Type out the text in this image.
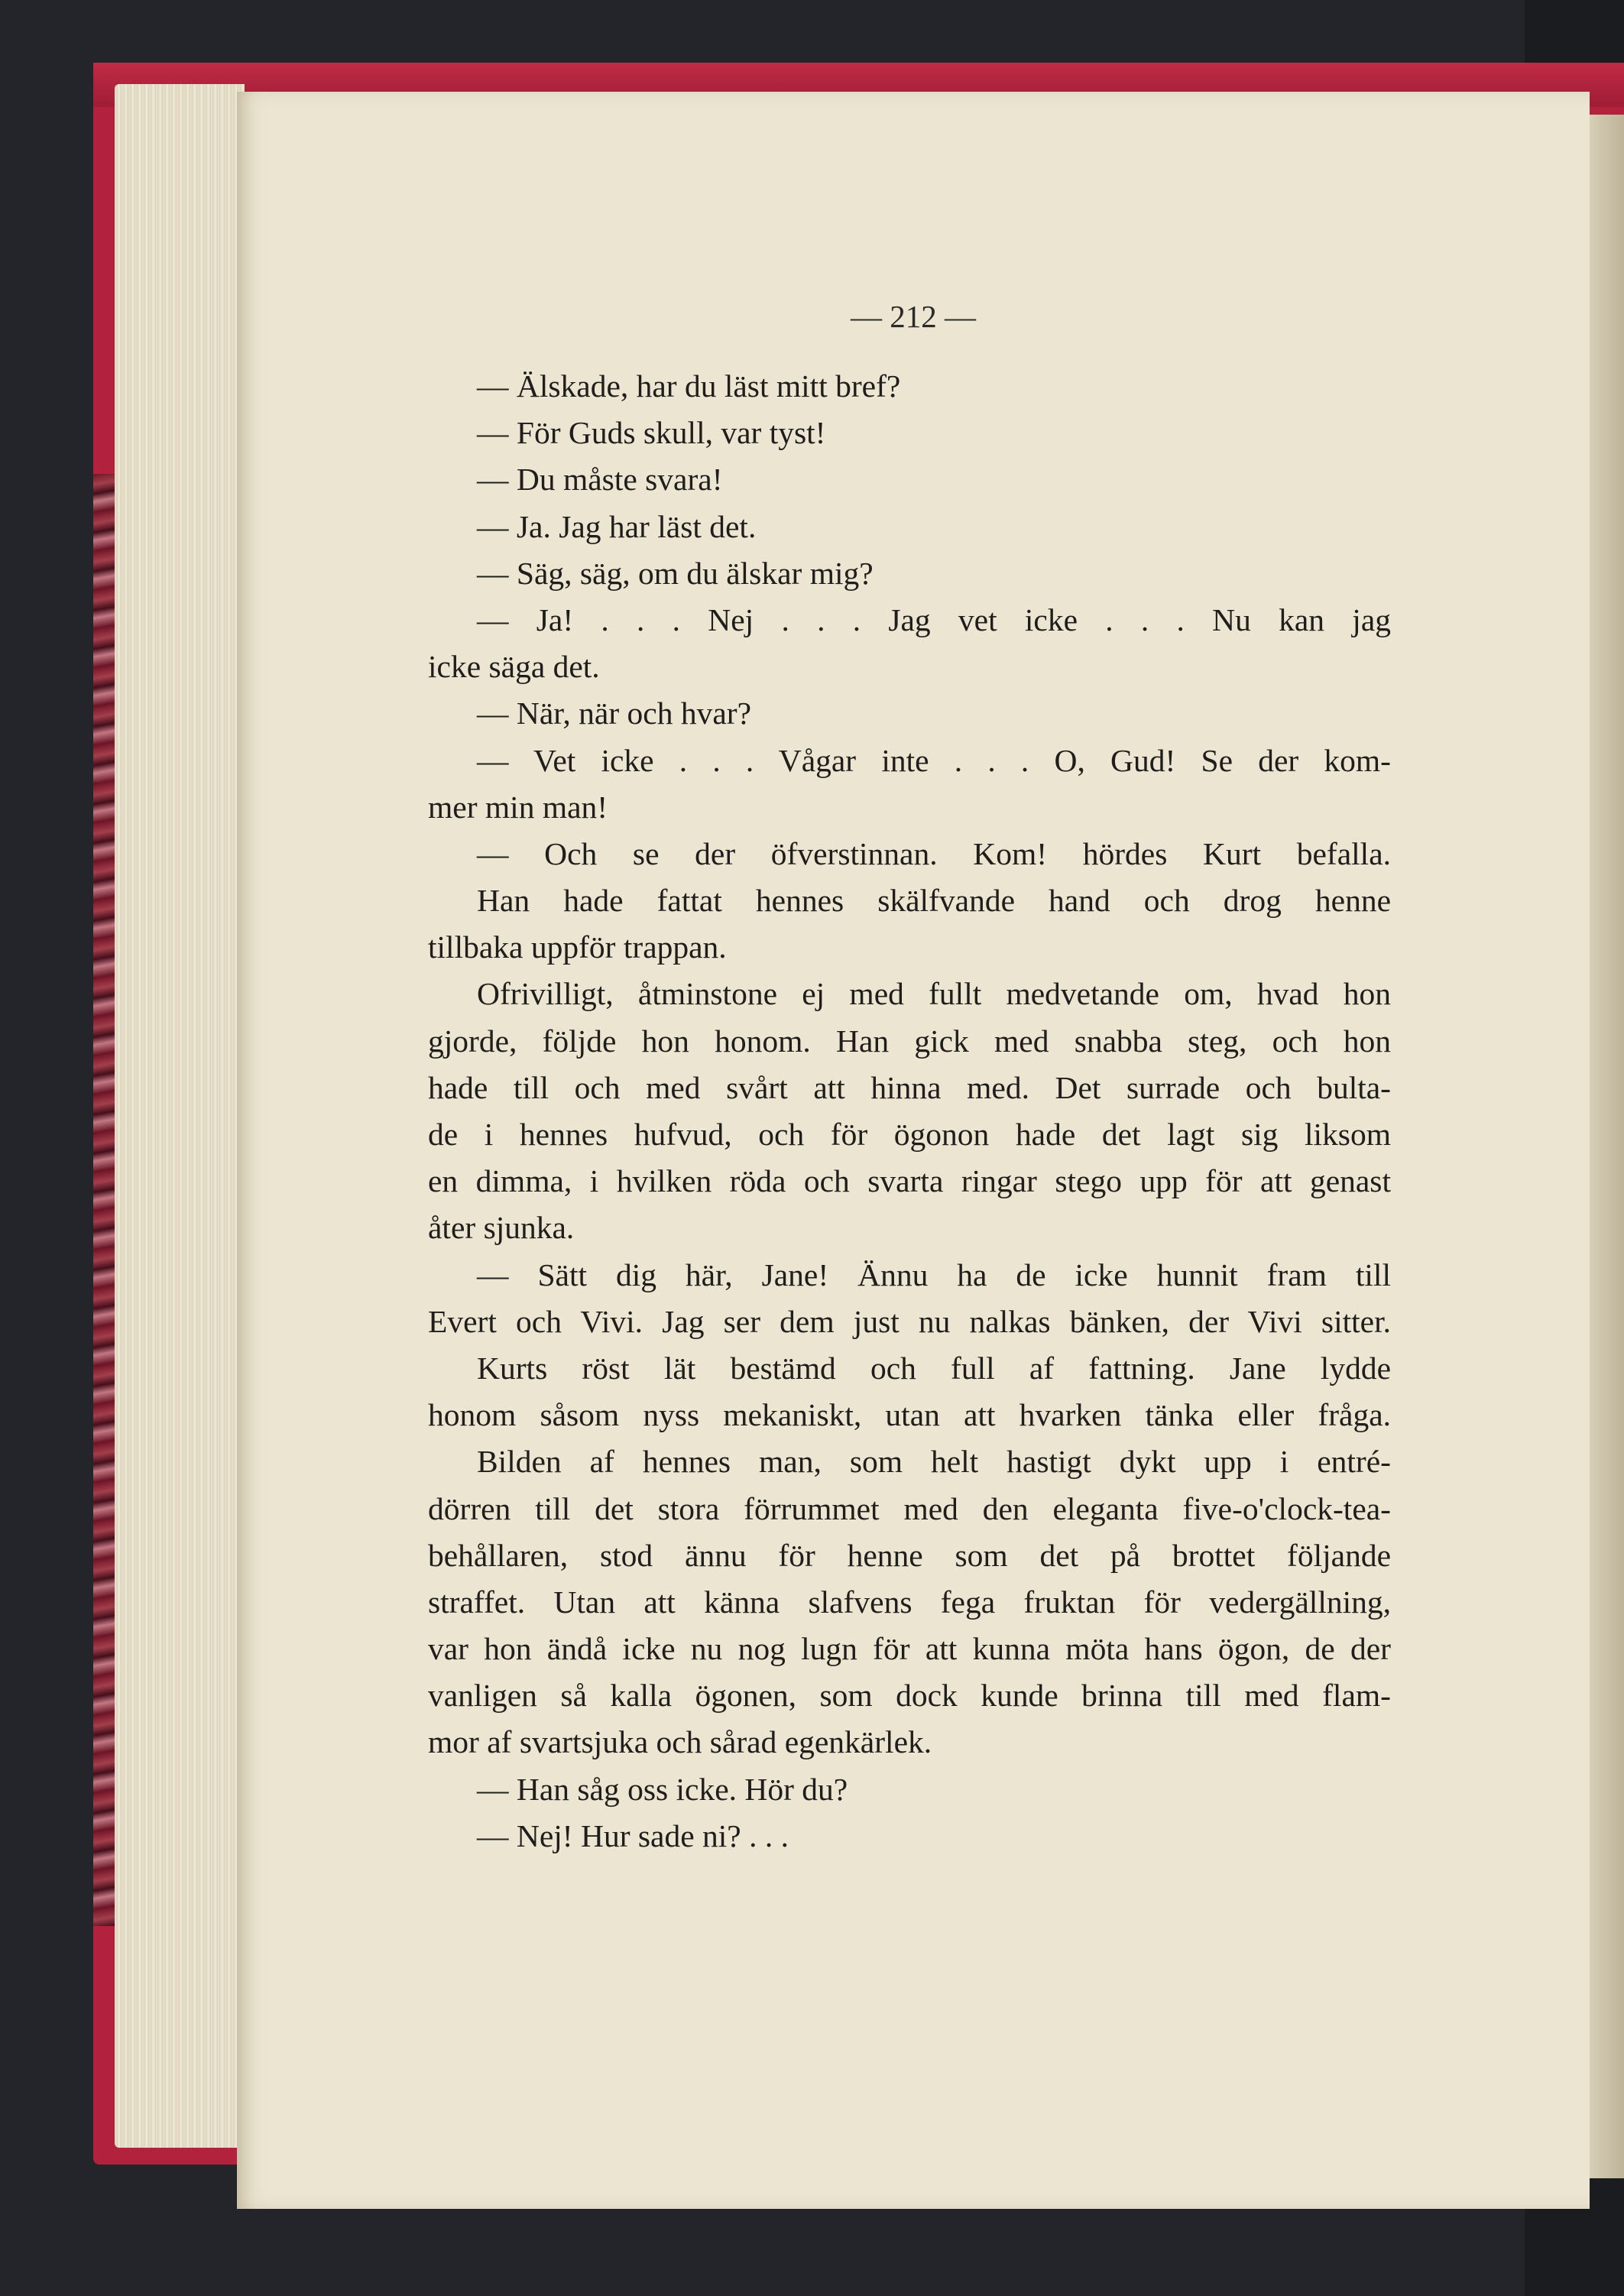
— 212 —
— Älskade, har du läst mitt bref?
— För Guds skull, var tyst!
— Du måste svara!
— Ja. Jag har läst det.
— Säg, säg, om du älskar mig?
— Ja! . . . Nej . . . Jag vet icke . . . Nu kan jag
icke säga det.
— När, när och hvar?
— Vet icke . . . Vågar inte . . . O, Gud! Se der kom-
mer min man!
— Och se der öfverstinnan. Kom! hördes Kurt befalla.
Han hade fattat hennes skälfvande hand och drog henne
tillbaka uppför trappan.
Ofrivilligt, åtminstone ej med fullt medvetande om, hvad hon
gjorde, följde hon honom. Han gick med snabba steg, och hon
hade till och med svårt att hinna med. Det surrade och bulta-
de i hennes hufvud, och för ögonon hade det lagt sig liksom
en dimma, i hvilken röda och svarta ringar stego upp för att genast
åter sjunka.
— Sätt dig här, Jane! Ännu ha de icke hunnit fram till
Evert och Vivi. Jag ser dem just nu nalkas bänken, der Vivi sitter.
Kurts röst lät bestämd och full af fattning. Jane lydde
honom såsom nyss mekaniskt, utan att hvarken tänka eller fråga.
Bilden af hennes man, som helt hastigt dykt upp i entré-
dörren till det stora förrummet med den eleganta five-o'clock-tea-
behållaren, stod ännu för henne som det på brottet följande
straffet. Utan att känna slafvens fega fruktan för vedergällning,
var hon ändå icke nu nog lugn för att kunna möta hans ögon, de der
vanligen så kalla ögonen, som dock kunde brinna till med flam-
mor af svartsjuka och sårad egenkärlek.
— Han såg oss icke. Hör du?
— Nej! Hur sade ni? . . .
